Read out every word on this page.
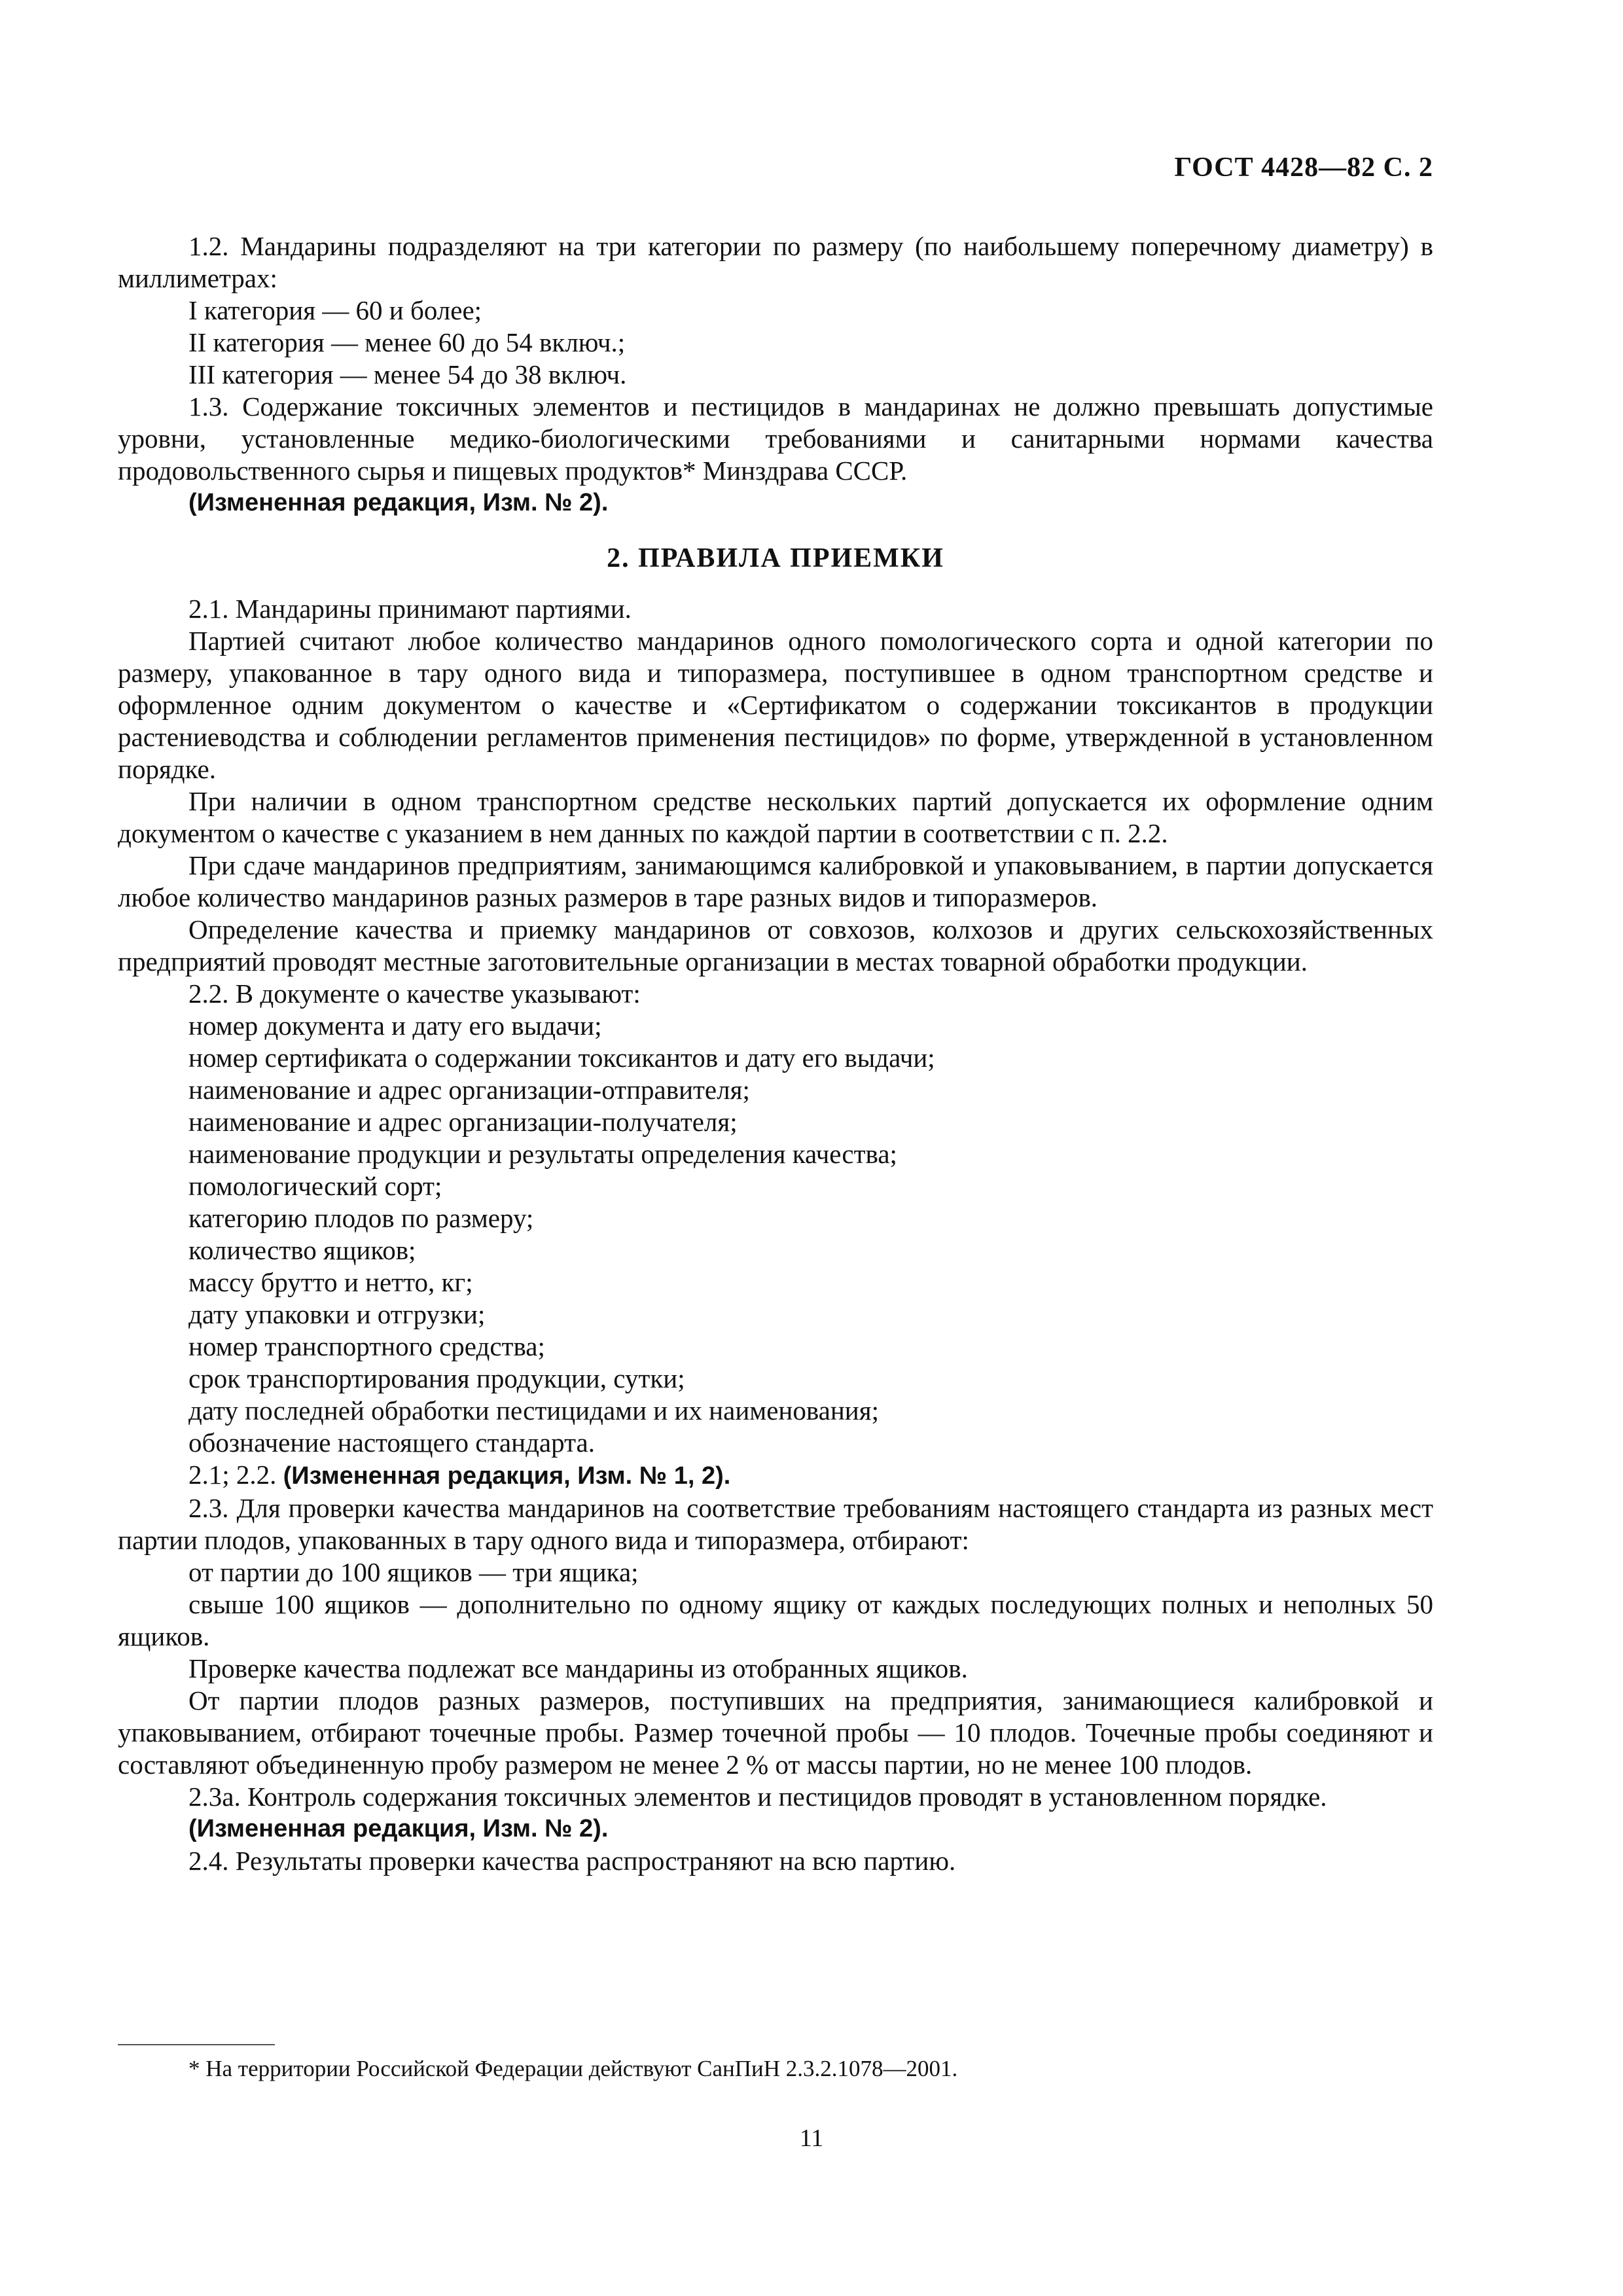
ГОСТ 4428—82 С. 2

1.2. Мандарины подразделяют на три категории по размеру (по наибольшему поперечному диаметру) в миллиметрах:

I категория — 60 и более;

II категория — менее 60 до 54 включ.;

III категория — менее 54 до 38 включ.

1.3. Содержание токсичных элементов и пестицидов в мандаринах не должно превышать допустимые уровни, установленные медико-биологическими требованиями и санитарными нормами качества продовольственного сырья и пищевых продуктов* Минздрава СССР.

(Измененная редакция, Изм. № 2).

2. ПРАВИЛА ПРИЕМКИ

2.1. Мандарины принимают партиями.

Партией считают любое количество мандаринов одного помологического сорта и одной категории по размеру, упакованное в тару одного вида и типоразмера, поступившее в одном транспортном средстве и оформленное одним документом о качестве и «Сертификатом о содержании токсикантов в продукции растениеводства и соблюдении регламентов применения пестицидов» по форме, утвержденной в установленном порядке.

При наличии в одном транспортном средстве нескольких партий допускается их оформление одним документом о качестве с указанием в нем данных по каждой партии в соответствии с п. 2.2.

При сдаче мандаринов предприятиям, занимающимся калибровкой и упаковыванием, в партии допускается любое количество мандаринов разных размеров в таре разных видов и типоразмеров.

Определение качества и приемку мандаринов от совхозов, колхозов и других сельскохозяйственных предприятий проводят местные заготовительные организации в местах товарной обработки продукции.

2.2. В документе о качестве указывают:

номер документа и дату его выдачи;

номер сертификата о содержании токсикантов и дату его выдачи;

наименование и адрес организации-отправителя;

наименование и адрес организации-получателя;

наименование продукции и результаты определения качества;

помологический сорт;

категорию плодов по размеру;

количество ящиков;

массу брутто и нетто, кг;

дату упаковки и отгрузки;

номер транспортного средства;

срок транспортирования продукции, сутки;

дату последней обработки пестицидами и их наименования;

обозначение настоящего стандарта.

2.1; 2.2. (Измененная редакция, Изм. № 1, 2).

2.3. Для проверки качества мандаринов на соответствие требованиям настоящего стандарта из разных мест партии плодов, упакованных в тару одного вида и типоразмера, отбирают:

от партии до 100 ящиков — три ящика;

свыше 100 ящиков — дополнительно по одному ящику от каждых последующих полных и неполных 50 ящиков.

Проверке качества подлежат все мандарины из отобранных ящиков.

От партии плодов разных размеров, поступивших на предприятия, занимающиеся калибровкой и упаковыванием, отбирают точечные пробы. Размер точечной пробы — 10 плодов. Точечные пробы соединяют и составляют объединенную пробу размером не менее 2 % от массы партии, но не менее 100 плодов.

2.3а. Контроль содержания токсичных элементов и пестицидов проводят в установленном порядке.

(Измененная редакция, Изм. № 2).

2.4. Результаты проверки качества распространяют на всю партию.

* На территории Российской Федерации действуют СанПиН 2.3.2.1078—2001.
11
